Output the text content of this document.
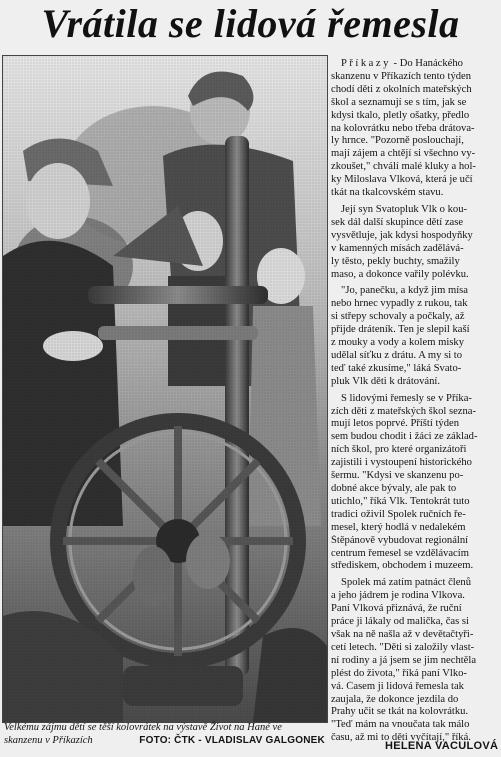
Vrátila se lidová řemesla
Velkému zájmu dětí se těší kolovrátek na výstavě Život na Hané ve
skanzenu v Příkazích	FOTO: ČTK - VLADISLAV GALGONEK
Příkazy - Do Hanáckého
skanzenu v Příkazích tento týden
chodí děti z okolních mateřských
škol a seznamují se s tím, jak se
kdysi tkalo, pletly ošatky, předlo
na kolovrátku nebo třeba drátova-
ly hrnce. "Pozorně poslouchají,
mají zájem a chtějí si všechno vy-
zkoušet," chválí malé kluky a hol-
ky Miloslava Vlková, která je učí
tkát na tkalcovském stavu.
Její syn Svatopluk Vlk o kou-
sek dál další skupince dětí zase
vysvětluje, jak kdysi hospodyňky
v kamenných mísách zadělává-
ly těsto, pekly buchty, smažily
maso, a dokonce vařily polévku.
"Jo, panečku, a když jim mísa
nebo hrnec vypadly z rukou, tak
si střepy schovaly a počkaly, až
přijde dráteník. Ten je slepil kaší
z mouky a vody a kolem misky
udělal síťku z drátu. A my si to
teď také zkusíme," láká Svato-
pluk Vlk děti k drátování.
S lidovými řemesly se v Příka-
zích děti z mateřských škol sezna-
mují letos poprvé. Příští týden
sem budou chodit i žáci ze základ-
ních škol, pro které organizátoři
zajistili i vystoupení historického
šermu. "Kdysi ve skanzenu po-
dobné akce bývaly, ale pak to
utichlo," říká Vlk. Tentokrát tuto
tradici oživil Spolek ručních ře-
mesel, který hodlá v nedalekém
Štěpánově vybudovat regionální
centrum řemesel se vzdělávacím
střediskem, obchodem i muzeem.
Spolek má zatím patnáct členů
a jeho jádrem je rodina Vlkova.
Paní Vlková přiznává, že ruční
práce ji lákaly od malička, čas si
však na ně našla až v devětačtyři-
cetí letech. "Děti si založily vlast-
ní rodiny a já jsem se jim nechtěla
plést do života," říká paní Vlko-
vá. Časem ji lidová řemesla tak
zaujala, že dokonce jezdila do
Prahy učit se tkát na kolovrátku.
"Teď mám na vnoučata tak málo
času, až mi to děti vyčítají," říká.
HELENA VACULOVÁ
